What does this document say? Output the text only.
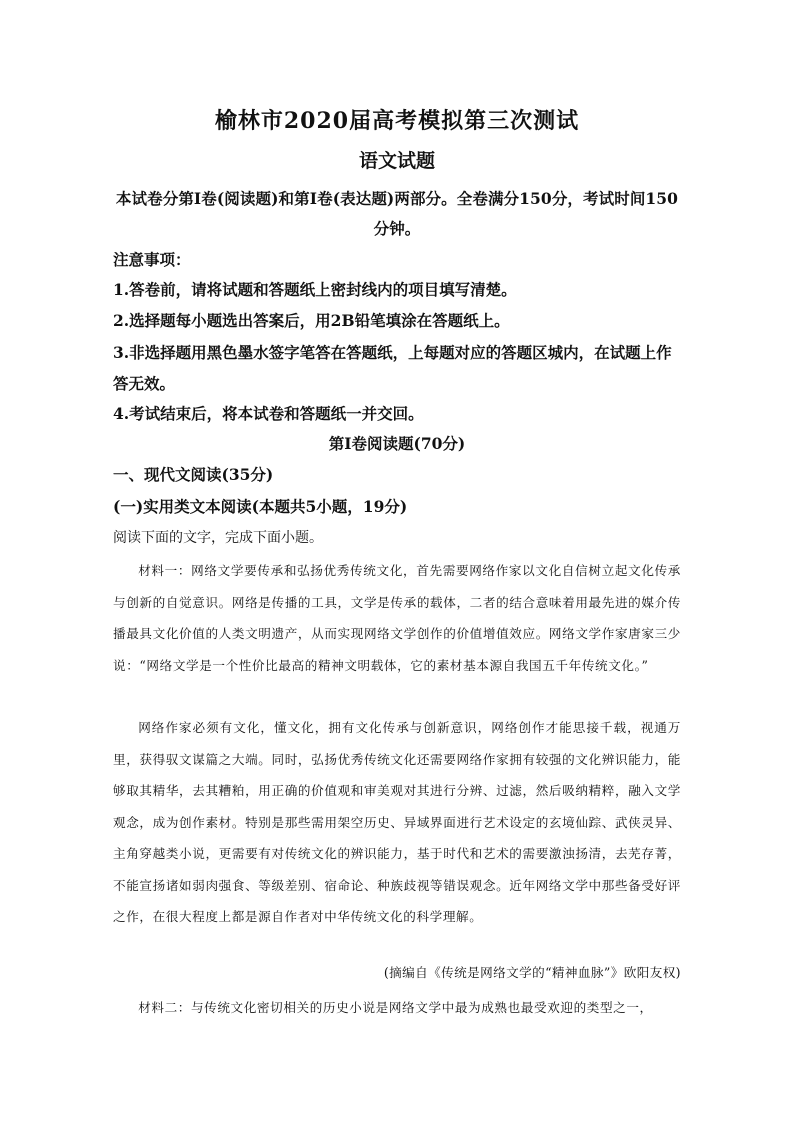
榆林市2020届高考模拟第三次测试
语文试题
本试卷分第Ⅰ卷(阅读题)和第Ⅰ卷(表达题)两部分。全卷满分150分，考试时间150分钟。
注意事项：
1.答卷前，请将试题和答题纸上密封线内的项目填写清楚。
2.选择题每小题选出答案后，用2B铅笔填涂在答题纸上。
3.非选择题用黑色墨水签字笔答在答题纸，上每题对应的答题区城内，在试题上作答无效。
4.考试结束后，将本试卷和答题纸一并交回。
第Ⅰ卷阅读题(70分)
一、现代文阅读(35分)
(一)实用类文本阅读(本题共5小题，19分)
阅读下面的文字，完成下面小题。
材料一：网络文学要传承和弘扬优秀传统文化，首先需要网络作家以文化自信树立起文化传承与创新的自觉意识。网络是传播的工具，文学是传承的载体，二者的结合意味着用最先进的媒介传播最具文化价值的人类文明遗产，从而实现网络文学创作的价值增值效应。网络文学作家唐家三少说：“网络文学是一个性价比最高的精神文明载体，它的素材基本源自我国五千年传统文化。”
网络作家必须有文化，懂文化，拥有文化传承与创新意识，网络创作才能思接千载，视通万里，获得驭文谋篇之大端。同时，弘扬优秀传统文化还需要网络作家拥有较强的文化辨识能力，能够取其精华，去其糟粕，用正确的价值观和审美观对其进行分辨、过滤，然后吸纳精粹，融入文学观念，成为创作素材。特别是那些需用架空历史、异域界面进行艺术设定的玄境仙踪、武侠灵异、主角穿越类小说，更需要有对传统文化的辨识能力，基于时代和艺术的需要激浊扬清，去芜存菁，不能宣扬诸如弱肉强食、等级差别、宿命论、种族歧视等错误观念。近年网络文学中那些备受好评之作，在很大程度上都是源自作者对中华传统文化的科学理解。
(摘编自《传统是网络文学的“精神血脉”》欧阳友权)
材料二：与传统文化密切相关的历史小说是网络文学中最为成熟也最受欢迎的类型之一，
